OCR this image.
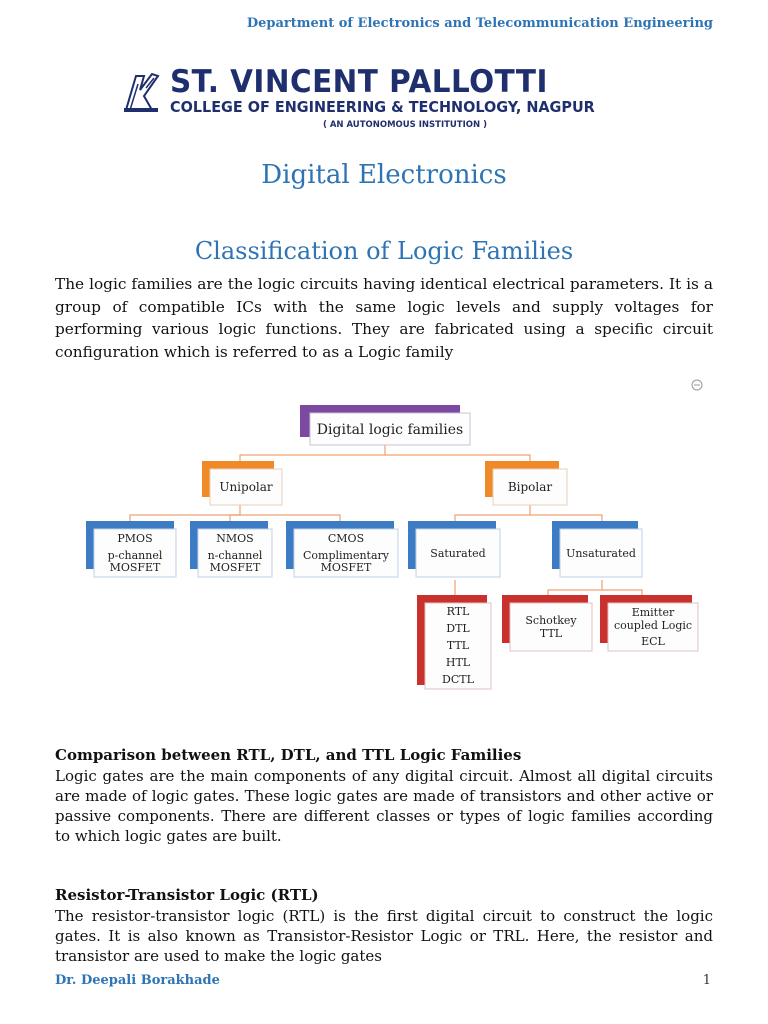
Department of Electronics and Telecommunication Engineering
ST. VINCENT PALLOTTI
COLLEGE OF ENGINEERING & TECHNOLOGY, NAGPUR
( AN AUTONOMOUS INSTITUTION )
Digital Electronics
Classification of Logic Families
The logic families are the logic circuits having identical electrical parameters. It is a group of compatible ICs with the same logic levels and supply voltages for performing various logic functions. They are fabricated using a specific circuit configuration which is referred to as a Logic family
Digital logic families
Unipolar	Bipolar
PMOS
p-channel
MOSFET
NMOS
n-channel
MOSFET
CMOS
Complimentary
MOSFET
Saturated	Unsaturated
RTL
DTL
TTL
HTL
DCTL
Schotkey
TTL
Emitter
coupled Logic
ECL
Comparison between RTL, DTL, and TTL Logic Families
Logic gates are the main components of any digital circuit. Almost all digital circuits are made of logic gates. These logic gates are made of transistors and other active or passive components. There are different classes or types of logic families according to which logic gates are built.
Resistor-Transistor Logic (RTL)
The resistor-transistor logic (RTL) is the first digital circuit to construct the logic gates. It is also known as Transistor-Resistor Logic or TRL. Here, the resistor and transistor are used to make the logic gates
Dr. Deepali Borakhade	1
